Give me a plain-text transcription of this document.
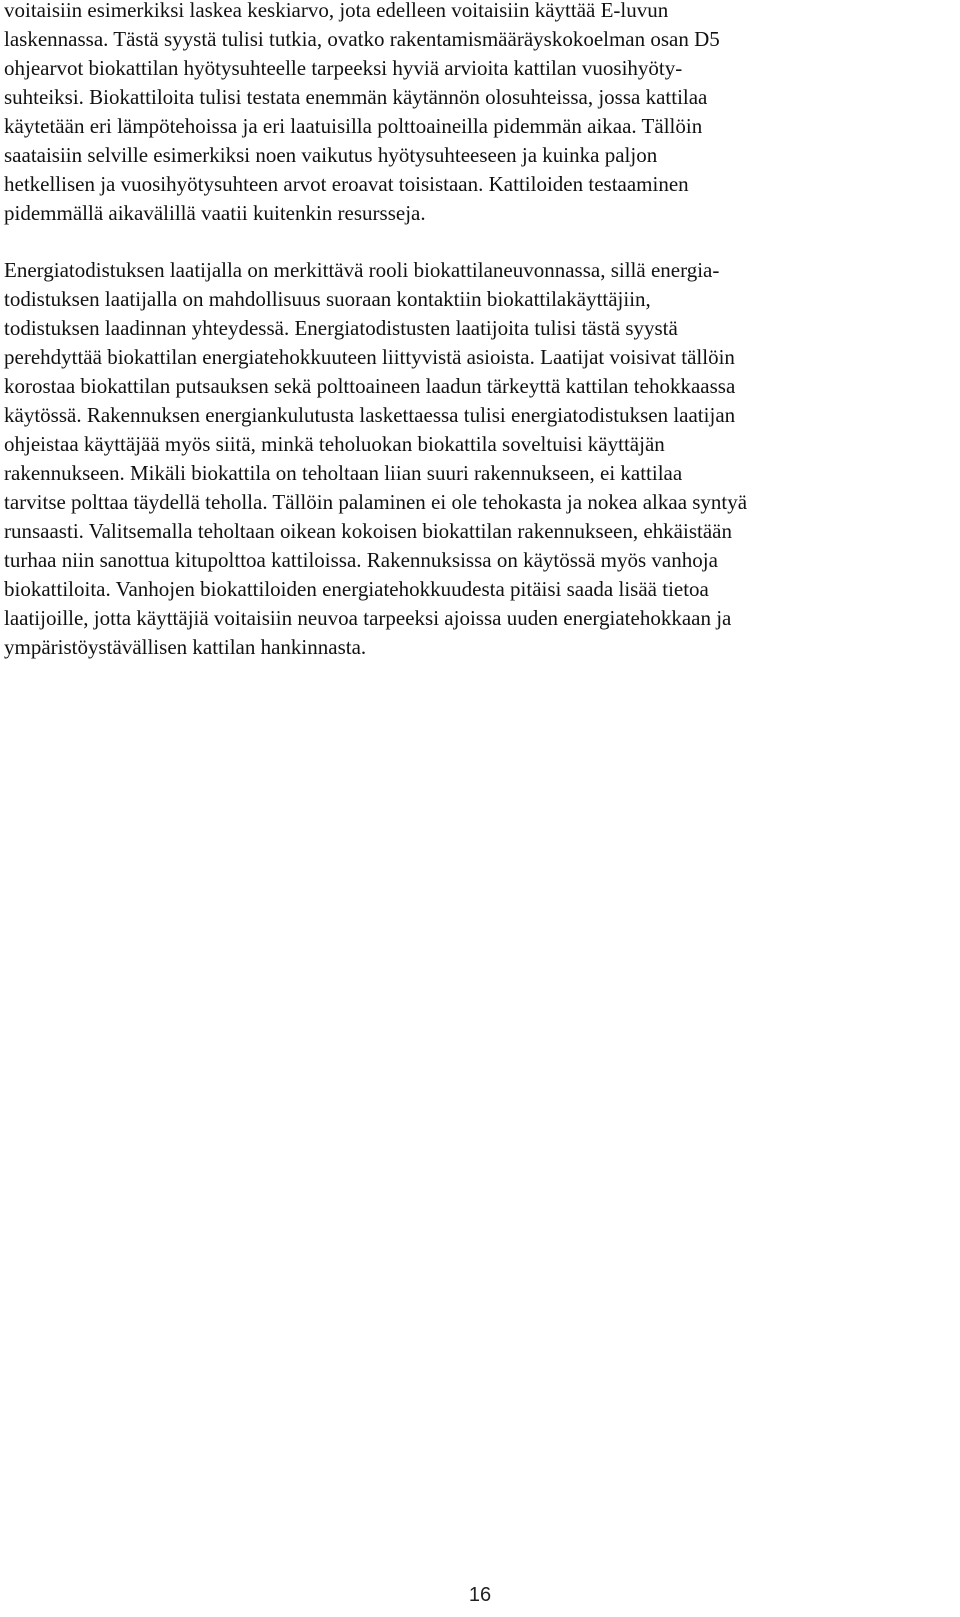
voitaisiin esimerkiksi laskea keskiarvo, jota edelleen voitaisiin käyttää E-luvun
laskennassa. Tästä syystä tulisi tutkia, ovatko rakentamismääräyskokoelman osan D5
ohjearvot biokattilan hyötysuhteelle tarpeeksi hyviä arvioita kattilan vuosihyöty-
suhteiksi. Biokattiloita tulisi testata enemmän käytännön olosuhteissa, jossa kattilaa
käytetään eri lämpötehoissa ja eri laatuisilla polttoaineilla pidemmän aikaa. Tällöin
saataisiin selville esimerkiksi noen vaikutus hyötysuhteeseen ja kuinka paljon
hetkellisen ja vuosihyötysuhteen arvot eroavat toisistaan. Kattiloiden testaaminen
pidemmällä aikavälillä vaatii kuitenkin resursseja.

Energiatodistuksen laatijalla on merkittävä rooli biokattilaneuvonnassa, sillä energia-
todistuksen laatijalla on mahdollisuus suoraan kontaktiin biokattilakäyttäjiin,
todistuksen laadinnan yhteydessä. Energiatodistusten laatijoita tulisi tästä syystä
perehdyttää biokattilan energiatehokkuuteen liittyvistä asioista. Laatijat voisivat tällöin
korostaa biokattilan putsauksen sekä polttoaineen laadun tärkeyttä kattilan tehokkaassa
käytössä. Rakennuksen energiankulutusta laskettaessa tulisi energiatodistuksen laatijan
ohjeistaa käyttäjää myös siitä, minkä teholuokan biokattila soveltuisi käyttäjän
rakennukseen. Mikäli biokattila on teholtaan liian suuri rakennukseen, ei kattilaa
tarvitse polttaa täydellä teholla. Tällöin palaminen ei ole tehokasta ja nokea alkaa syntyä
runsaasti. Valitsemalla teholtaan oikean kokoisen biokattilan rakennukseen, ehkäistään
turhaa niin sanottua kitupolttoa kattiloissa. Rakennuksissa on käytössä myös vanhoja
biokattiloita. Vanhojen biokattiloiden energiatehokkuudesta pitäisi saada lisää tietoa
laatijoille, jotta käyttäjiä voitaisiin neuvoa tarpeeksi ajoissa uuden energiatehokkaan ja
ympäristöystävällisen kattilan hankinnasta.

16
